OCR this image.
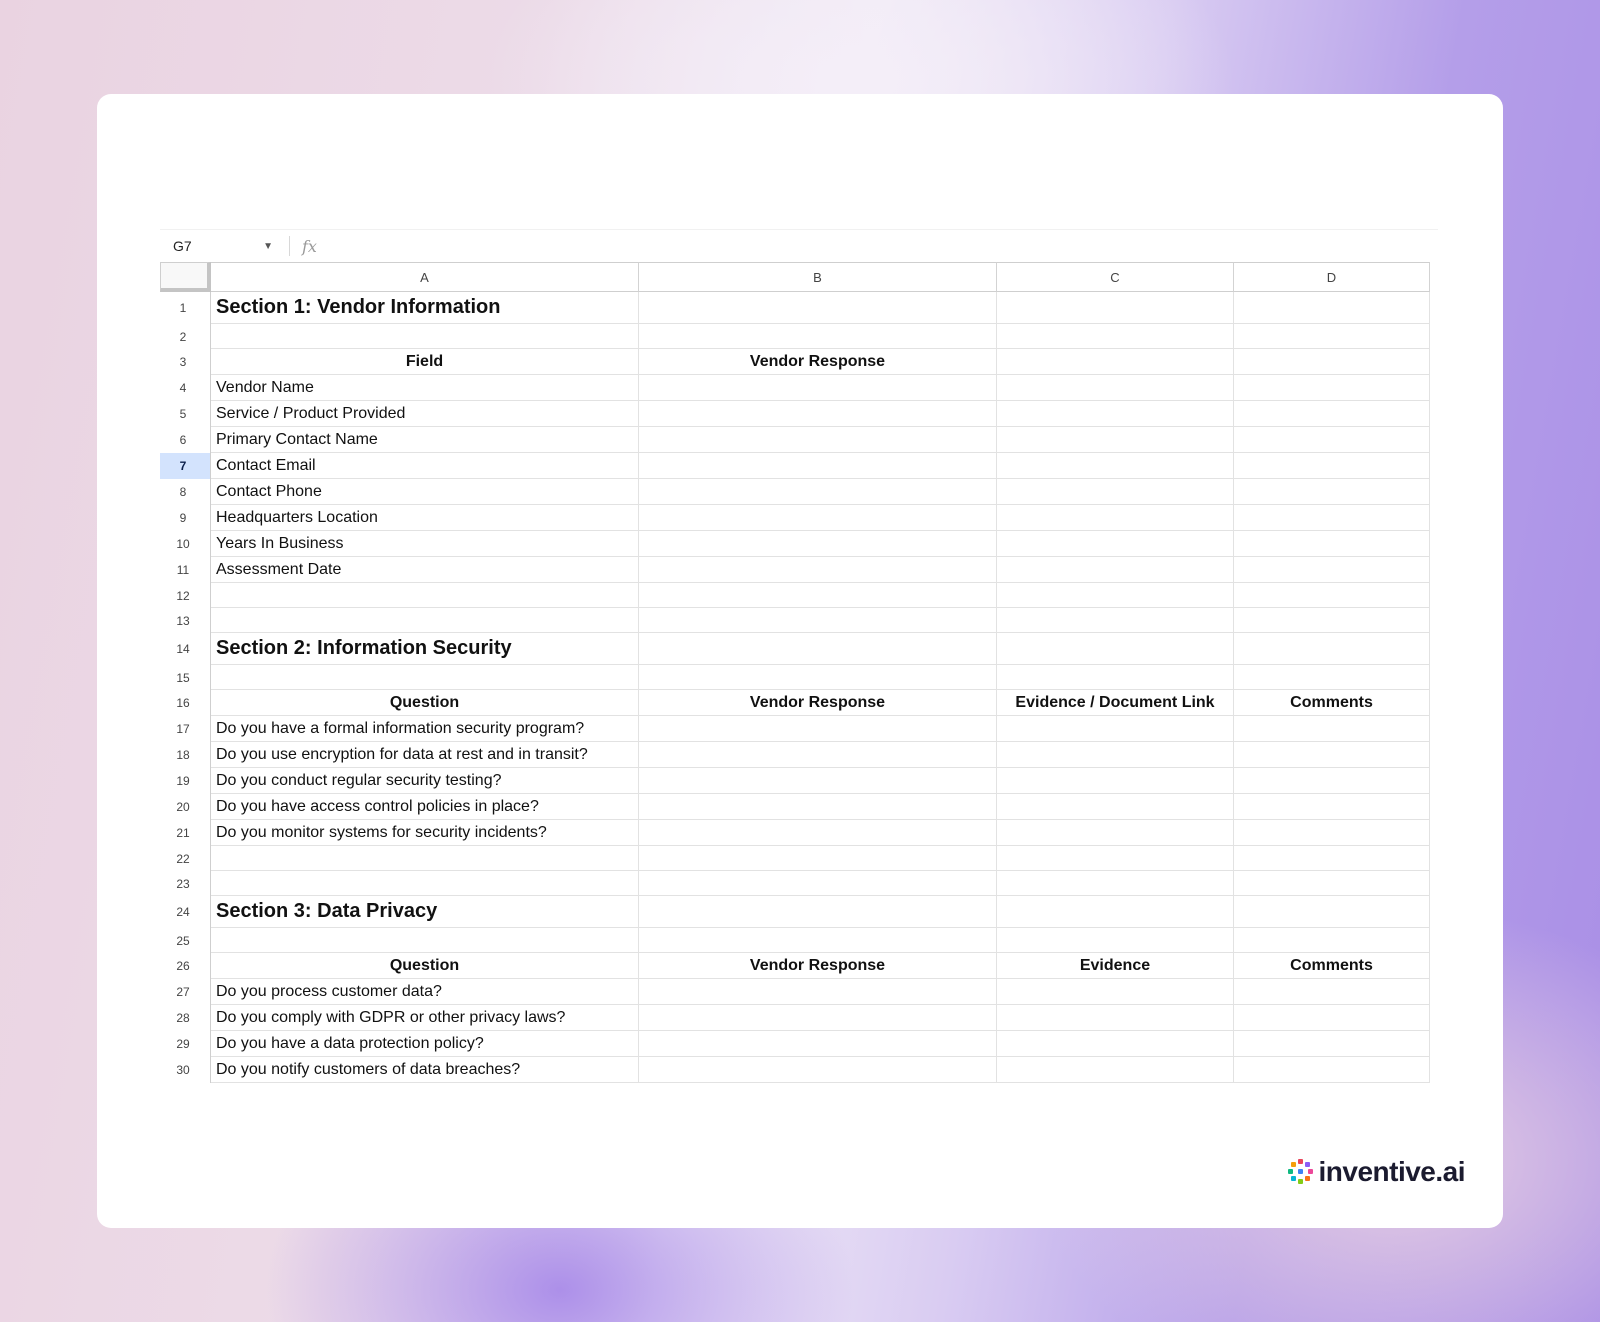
G7	▼ fx
A	B	C	D
1	Section 1: Vendor Information
2
3	Field	Vendor Response
4	Vendor Name
5	Service / Product Provided
6	Primary Contact Name
7	Contact Email
8	Contact Phone
9	Headquarters Location
10	Years In Business
11	Assessment Date
12
13
14	Section 2: Information Security
15
16	Question	Vendor Response	Evidence / Document Link	Comments
17	Do you have a formal information security program?
18	Do you use encryption for data at rest and in transit?
19	Do you conduct regular security testing?
20	Do you have access control policies in place?
21	Do you monitor systems for security incidents?
22
23
24	Section 3: Data Privacy
25
26	Question	Vendor Response	Evidence	Comments
27	Do you process customer data?
28	Do you comply with GDPR or other privacy laws?
29	Do you have a data protection policy?
30	Do you notify customers of data breaches?
inventive.ai
